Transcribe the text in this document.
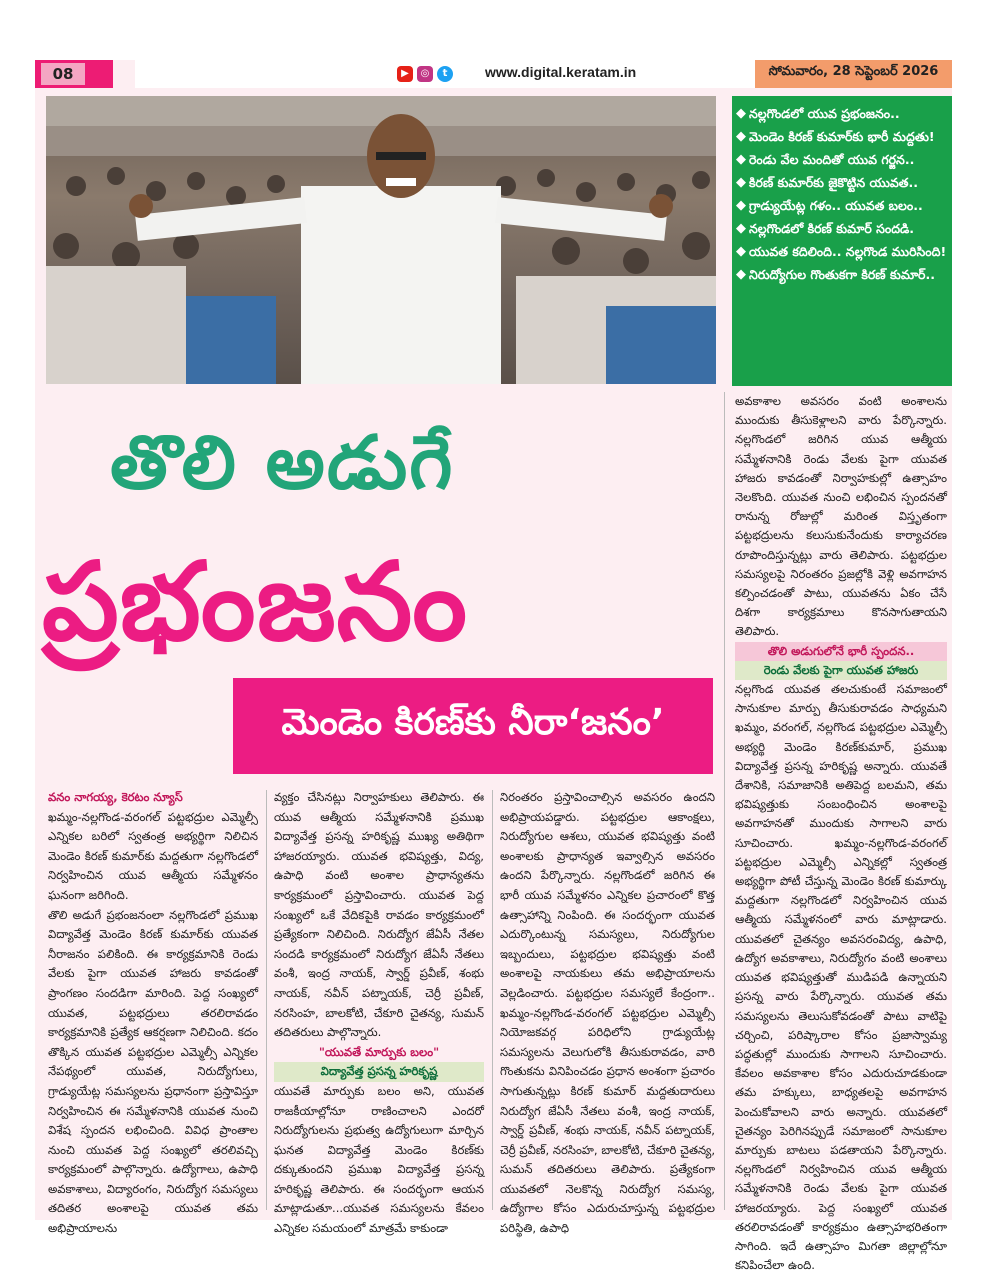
08	▶	◎	t	www.digital.keratam.in	సోమవారం, 28 సెప్టెంబర్ 2026
◆ నల్లగొండలో యువ ప్రభంజనం..
◆ మెండెం కిరణ్ కుమార్‌కు భారీ మద్దతు!
◆ రెండు వేల మందితో యువ గర్జన..
◆ కిరణ్ కుమార్‌కు జైకొట్టిన యువత..
◆ గ్రాడ్యుయేట్ల గళం.. యువత బలం..
◆ నల్లగొండలో కిరణ్ కుమార్ సందడి.
◆ యువత కదిలింది.. నల్లగొండ మురిసింది!
◆ నిరుద్యోగుల గొంతుకగా కిరణ్ కుమార్..
తొలి అడుగే
ప్రభంజనం
మెండెం కిరణ్‌కు నీరా‘జనం’

వనం నాగయ్య, కెరటం న్యూస్

ఖమ్మం-నల్లగొండ-వరంగల్ పట్టభద్రుల ఎమ్మెల్సీ ఎన్నికల బరిలో స్వతంత్ర అభ్యర్థిగా నిలిచిన మెండెం కిరణ్ కుమార్‌కు మద్దతుగా నల్లగొండలో నిర్వహించిన యువ ఆత్మీయ సమ్మేళనం ఘనంగా జరిగింది.

తొలి అడుగే ప్రభంజనంలా నల్లగొండలో ప్రముఖ విద్యావేత్త మెండెం కిరణ్ కుమార్‌కు యువత నీరాజనం పలికింది. ఈ కార్యక్రమానికి రెండు వేలకు పైగా యువత హాజరు కావడంతో ప్రాంగణం సందడిగా మారింది. పెద్ద సంఖ్యలో యువత, పట్టభద్రులు తరలిరావడం కార్యక్రమానికి ప్రత్యేక ఆకర్షణగా నిలిచింది. కదం తొక్కిన యువత పట్టభద్రుల ఎమ్మెల్సీ ఎన్నికల నేపథ్యంలో యువత, నిరుద్యోగులు, గ్రాడ్యుయేట్ల సమస్యలను ప్రధానంగా ప్రస్తావిస్తూ నిర్వహించిన ఈ సమ్మేళనానికి యువత నుంచి విశేష స్పందన లభించింది. వివిధ ప్రాంతాల నుంచి యువత పెద్ద సంఖ్యలో తరలివచ్చి కార్యక్రమంలో పాల్గొన్నారు. ఉద్యోగాలు, ఉపాధి అవకాశాలు, విద్యారంగం, నిరుద్యోగ సమస్యలు తదితర అంశాలపై యువత తమ అభిప్రాయాలను

వ్యక్తం చేసినట్లు నిర్వాహకులు తెలిపారు. ఈ యువ ఆత్మీయ సమ్మేళనానికి ప్రముఖ విద్యావేత్త ప్రసన్న హరికృష్ణ ముఖ్య అతిథిగా హాజరయ్యారు. యువత భవిష్యత్తు, విద్య, ఉపాధి వంటి అంశాల ప్రాధాన్యతను కార్యక్రమంలో ప్రస్తావించారు. యువత పెద్ద సంఖ్యలో ఒకే వేదికపైకి రావడం కార్యక్రమంలో ప్రత్యేకంగా నిలిచింది. నిరుద్యోగ జేఏసీ నేతల సందడి కార్యక్రమంలో నిరుద్యోగ జేఏసీ నేతలు వంశీ, ఇంద్ర నాయక్, స్వార్డ్ ప్రవీణ్, శంభు నాయక్, నవీన్ పట్నాయక్, చెర్రీ ప్రవీణ్, నరసింహ, బాలకోటి, చేకూరి చైతన్య, సుమన్ తదితరులు పాల్గొన్నారు.

"యువతే మార్పుకు బలం"

విద్యావేత్త ప్రసన్న హరికృష్ణ

యువతే మార్పుకు బలం అని, యువత రాజకీయాల్లోనూ రాణించాలని ఎందరో నిరుద్యోగులను ప్రభుత్వ ఉద్యోగులుగా మార్చిన ఘనత విద్యావేత్త మెండెం కిరణ్‌కు దక్కుతుందని ప్రముఖ విద్యావేత్త ప్రసన్న హరికృష్ణ తెలిపారు. ఈ సందర్భంగా ఆయన మాట్లాడుతూ...యువత సమస్యలను కేవలం ఎన్నికల సమయంలో మాత్రమే కాకుండా

నిరంతరం ప్రస్తావించాల్సిన అవసరం ఉందని అభిప్రాయపడ్డారు. పట్టభద్రుల ఆకాంక్షలు, నిరుద్యోగుల ఆశలు, యువత భవిష్యత్తు వంటి అంశాలకు ప్రాధాన్యత ఇవ్వాల్సిన అవసరం ఉందని పేర్కొన్నారు. నల్లగొండలో జరిగిన ఈ భారీ యువ సమ్మేళనం ఎన్నికల ప్రచారంలో కొత్త ఉత్సాహాన్ని నింపింది. ఈ సందర్భంగా యువత ఎదుర్కొంటున్న సమస్యలు, నిరుద్యోగుల ఇబ్బందులు, పట్టభద్రుల భవిష్యత్తు వంటి అంశాలపై నాయకులు తమ అభిప్రాయాలను వెల్లడించారు. పట్టభద్రుల సమస్యలే కేంద్రంగా.. ఖమ్మం-నల్లగొండ-వరంగల్ పట్టభద్రుల ఎమ్మెల్సీ నియోజకవర్గ పరిధిలోని గ్రాడ్యుయేట్ల సమస్యలను వెలుగులోకి తీసుకురావడం, వారి గొంతుకను వినిపించడం ప్రధాన అంశంగా ప్రచారం సాగుతున్నట్లు కిరణ్ కుమార్ మద్దతుదారులు నిరుద్యోగ జేఏసీ నేతలు వంశీ, ఇంద్ర నాయక్, స్వార్డ్ ప్రవీణ్, శంభు నాయక్, నవీన్ పట్నాయక్, చెర్రీ ప్రవీణ్, నరసింహ, బాలకోటి, చేకూరి చైతన్య, సుమన్ తదితరులు తెలిపారు. ప్రత్యేకంగా యువతలో నెలకొన్న నిరుద్యోగ సమస్య, ఉద్యోగాల కోసం ఎదురుచూస్తున్న పట్టభద్రుల పరిస్థితి, ఉపాధి

అవకాశాల అవసరం వంటి అంశాలను ముందుకు తీసుకెళ్లాలని వారు పేర్కొన్నారు. నల్లగొండలో జరిగిన యువ ఆత్మీయ సమ్మేళనానికి రెండు వేలకు పైగా యువత హాజరు కావడంతో నిర్వాహకుల్లో ఉత్సాహం నెలకొంది. యువత నుంచి లభించిన స్పందనతో రానున్న రోజుల్లో మరింత విస్తృతంగా పట్టభద్రులను కలుసుకునేందుకు కార్యాచరణ రూపొందిస్తున్నట్లు వారు తెలిపారు. పట్టభద్రుల సమస్యలపై నిరంతరం ప్రజల్లోకి వెళ్లి అవగాహన కల్పించడంతో పాటు, యువతను ఏకం చేసే దిశగా కార్యక్రమాలు కొనసాగుతాయని తెలిపారు.

తొలి అడుగులోనే భారీ స్పందన..

రెండు వేలకు పైగా యువత హాజరు

నల్లగొండ యువత తలచుకుంటే సమాజంలో సానుకూల మార్పు తీసుకురావడం సాధ్యమని ఖమ్మం, వరంగల్, నల్లగొండ పట్టభద్రుల ఎమ్మెల్సీ అభ్యర్థి మెండెం కిరణ్‌కుమార్, ప్రముఖ విద్యావేత్త ప్రసన్న హరికృష్ణ అన్నారు. యువతే దేశానికి, సమాజానికి అతిపెద్ద బలమని, తమ భవిష్యత్తుకు సంబంధించిన అంశాలపై అవగాహనతో ముందుకు సాగాలని వారు సూచించారు. ఖమ్మం-నల్లగొండ-వరంగల్ పట్టభద్రుల ఎమ్మెల్సీ ఎన్నికల్లో స్వతంత్ర అభ్యర్థిగా పోటీ చేస్తున్న మెండెం కిరణ్ కుమార్కు మద్దతుగా నల్లగొండలో నిర్వహించిన యువ ఆత్మీయ సమ్మేళనంలో వారు మాట్లాడారు. యువతలో చైతన్యం అవసరంవిద్య, ఉపాధి, ఉద్యోగ అవకాశాలు, నిరుద్యోగం వంటి అంశాలు యువత భవిష్యత్తుతో ముడిపడి ఉన్నాయని ప్రసన్న వారు పేర్కొన్నారు. యువత తమ సమస్యలను తెలుసుకోవడంతో పాటు వాటిపై చర్చించి, పరిష్కారాల కోసం ప్రజాస్వామ్య పద్ధతుల్లో ముందుకు సాగాలని సూచించారు. కేవలం అవకాశాల కోసం ఎదురుచూడకుండా తమ హక్కులు, బాధ్యతలపై అవగాహన పెంచుకోవాలని వారు అన్నారు. యువతలో చైతన్యం పెరిగినప్పుడే సమాజంలో సానుకూల మార్పుకు బాటలు పడతాయని పేర్కొన్నారు. నల్లగొండలో నిర్వహించిన యువ ఆత్మీయ సమ్మేళనానికి రెండు వేలకు పైగా యువత హాజరయ్యారు. పెద్ద సంఖ్యలో యువత తరలిరావడంతో కార్యక్రమం ఉత్సాహభరితంగా సాగింది. ఇదే ఉత్సాహం మిగతా జిల్లాల్లోనూ కనిపించేలా ఉంది.
